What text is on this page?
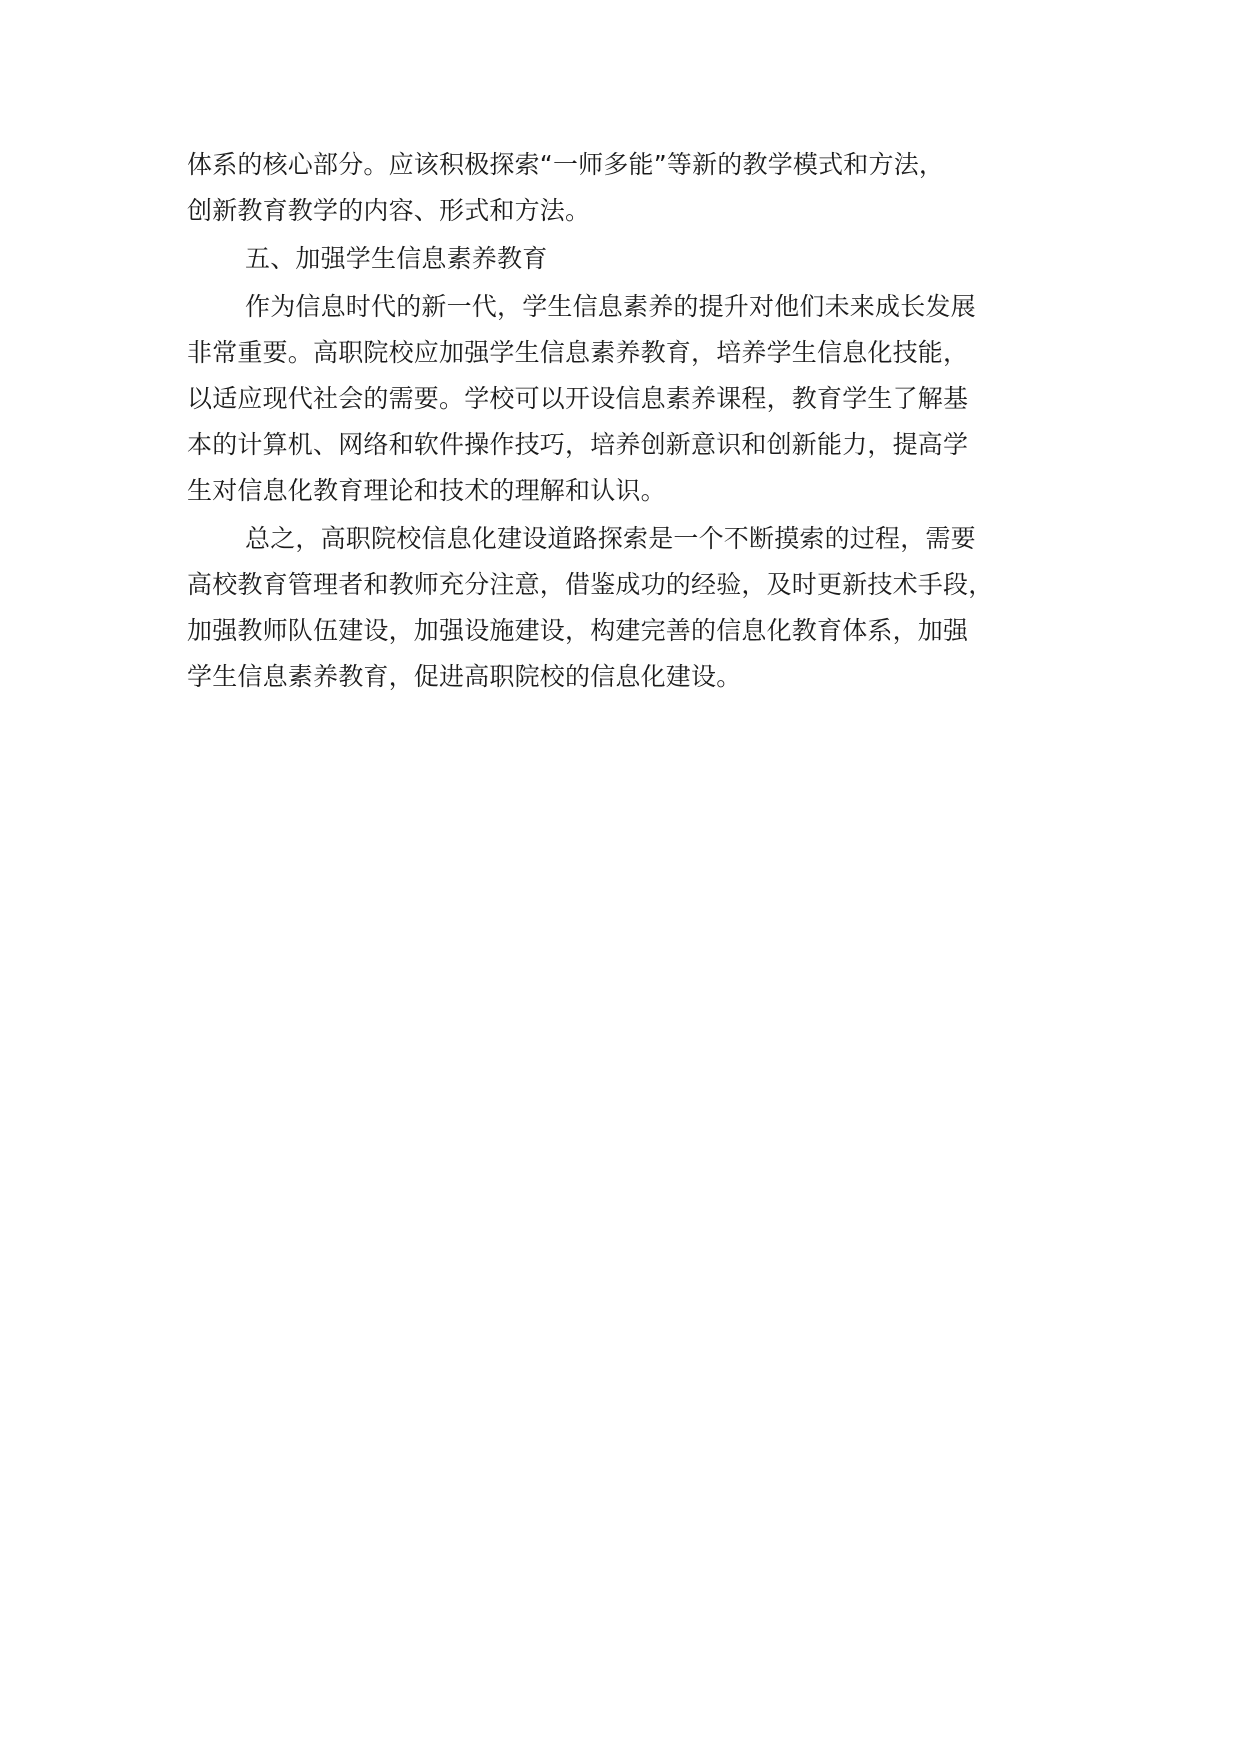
体系的核心部分。应该积极探索“一师多能”等新的教学模式和方法，
创新教育教学的内容、形式和方法。
五、加强学生信息素养教育
作为信息时代的新一代，学生信息素养的提升对他们未来成长发展
非常重要。高职院校应加强学生信息素养教育，培养学生信息化技能，
以适应现代社会的需要。学校可以开设信息素养课程，教育学生了解基
本的计算机、网络和软件操作技巧，培养创新意识和创新能力，提高学
生对信息化教育理论和技术的理解和认识。
总之，高职院校信息化建设道路探索是一个不断摸索的过程，需要
高校教育管理者和教师充分注意，借鉴成功的经验，及时更新技术手段，
加强教师队伍建设，加强设施建设，构建完善的信息化教育体系，加强
学生信息素养教育，促进高职院校的信息化建设。
